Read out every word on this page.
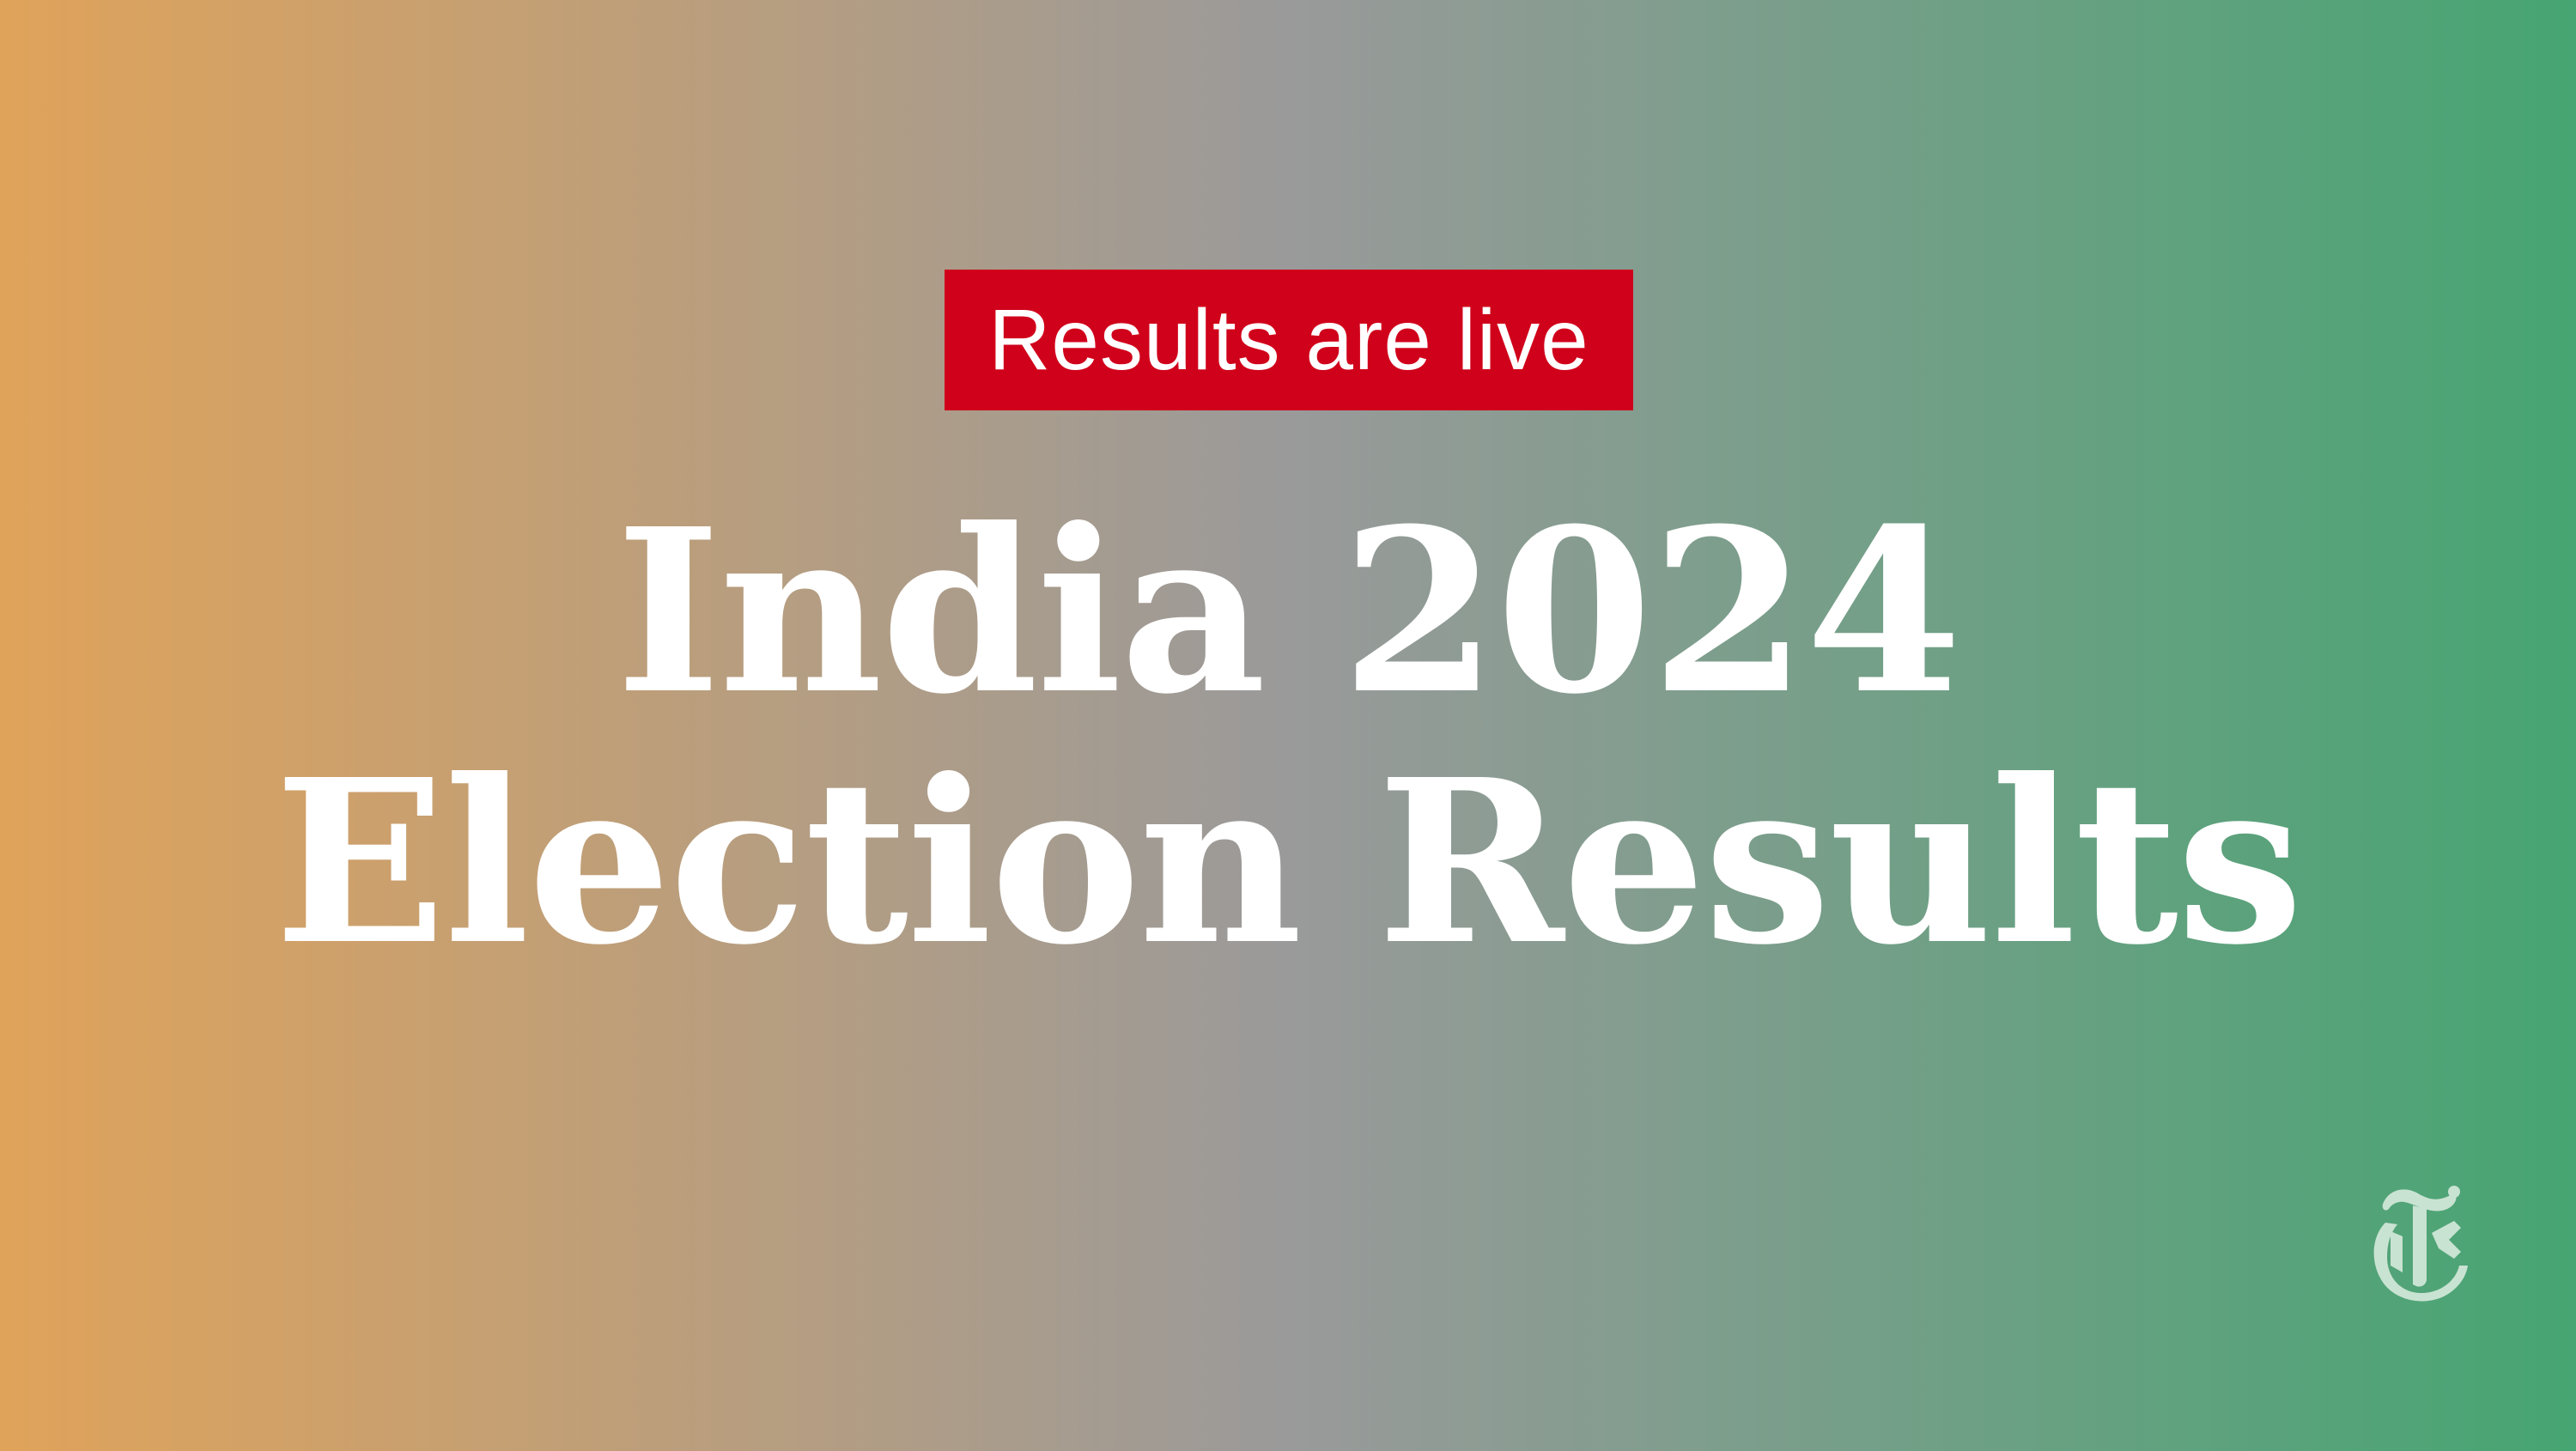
Results are live
India 2024
Election Results
